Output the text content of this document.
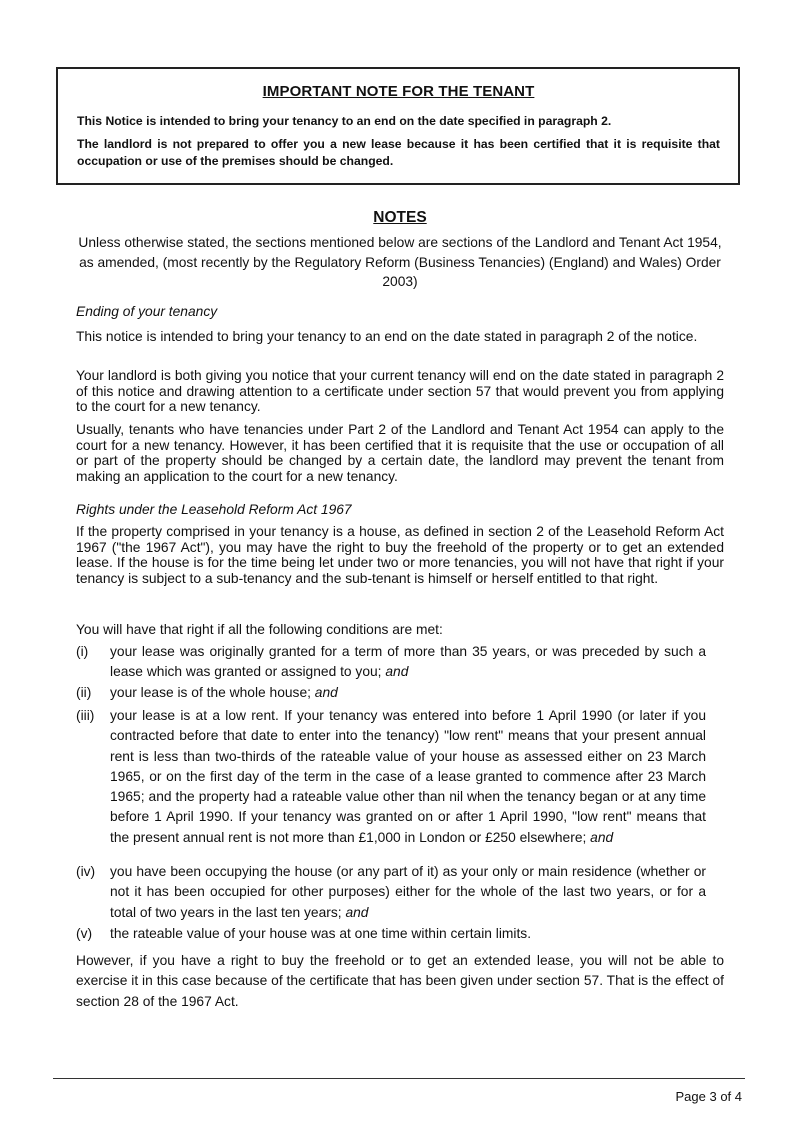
IMPORTANT NOTE FOR THE TENANT

This Notice is intended to bring your tenancy to an end on the date specified in paragraph 2.

The landlord is not prepared to offer you a new lease because it has been certified that it is requisite that occupation or use of the premises should be changed.

NOTES
Unless otherwise stated, the sections mentioned below are sections of the Landlord and Tenant Act 1954, as amended, (most recently by the Regulatory Reform (Business Tenancies) (England) and Wales) Order 2003)
Ending of your tenancy
This notice is intended to bring your tenancy to an end on the date stated in paragraph 2 of the notice.
Your landlord is both giving you notice that your current tenancy will end on the date stated in paragraph 2 of this notice and drawing attention to a certificate under section 57 that would prevent you from applying to the court for a new tenancy.
Usually, tenants who have tenancies under Part 2 of the Landlord and Tenant Act 1954 can apply to the court for a new tenancy. However, it has been certified that it is requisite that the use or occupation of all or part of the property should be changed by a certain date, the landlord may prevent the tenant from making an application to the court for a new tenancy.
Rights under the Leasehold Reform Act 1967
If the property comprised in your tenancy is a house, as defined in section 2 of the Leasehold Reform Act 1967 ("the 1967 Act"), you may have the right to buy the freehold of the property or to get an extended lease. If the house is for the time being let under two or more tenancies, you will not have that right if your tenancy is subject to a sub-tenancy and the sub-tenant is himself or herself entitled to that right.
You will have that right if all the following conditions are met:
(i)	your lease was originally granted for a term of more than 35 years, or was preceded by such a lease which was granted or assigned to you; and
(ii)	your lease is of the whole house; and
(iii)	your lease is at a low rent. If your tenancy was entered into before 1 April 1990 (or later if you contracted before that date to enter into the tenancy) "low rent" means that your present annual rent is less than two-thirds of the rateable value of your house as assessed either on 23 March 1965, or on the first day of the term in the case of a lease granted to commence after 23 March 1965; and the property had a rateable value other than nil when the tenancy began or at any time before 1 April 1990. If your tenancy was granted on or after 1 April 1990, "low rent" means that the present annual rent is not more than £1,000 in London or £250 elsewhere; and
(iv)	you have been occupying the house (or any part of it) as your only or main residence (whether or not it has been occupied for other purposes) either for the whole of the last two years, or for a total of two years in the last ten years; and
(v)	the rateable value of your house was at one time within certain limits.
However, if you have a right to buy the freehold or to get an extended lease, you will not be able to exercise it in this case because of the certificate that has been given under section 57. That is the effect of section 28 of the 1967 Act.
Page 3 of 4
